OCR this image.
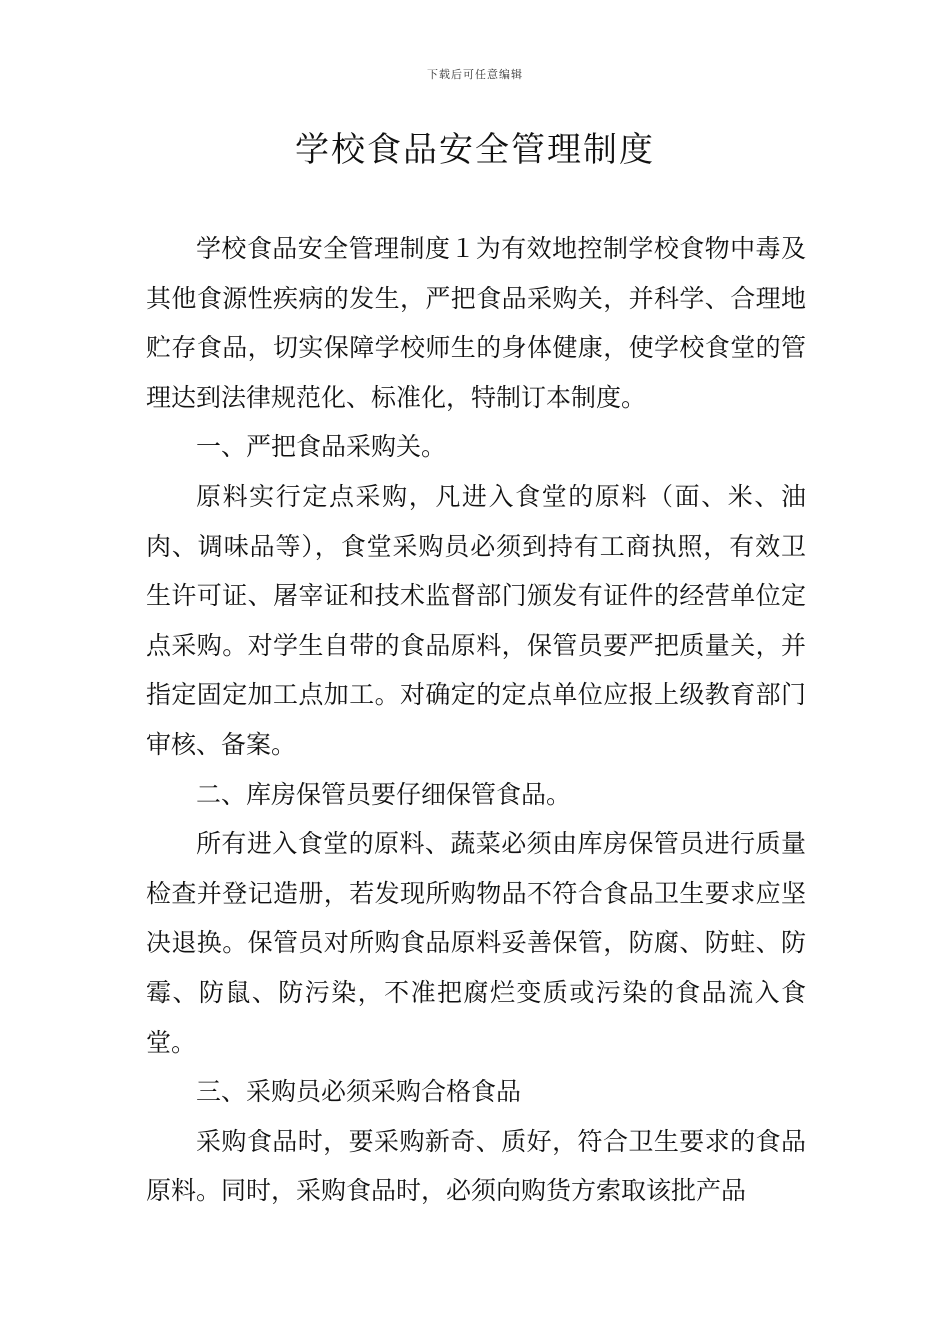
下载后可任意编辑
学校食品安全管理制度

学校食品安全管理制度１为有效地控制学校食物中毒及其他食源性疾病的发生，严把食品采购关，并科学、合理地贮存食品，切实保障学校师生的身体健康，使学校食堂的管理达到法律规范化、标准化，特制订本制度。

一、严把食品采购关。

原料实行定点采购，凡进入食堂的原料（面、米、油肉、调味品等），食堂采购员必须到持有工商执照，有效卫生许可证、屠宰证和技术监督部门颁发有证件的经营单位定点采购。对学生自带的食品原料，保管员要严把质量关，并指定固定加工点加工。对确定的定点单位应报上级教育部门审核、备案。

二、库房保管员要仔细保管食品。

所有进入食堂的原料、蔬菜必须由库房保管员进行质量检查并登记造册，若发现所购物品不符合食品卫生要求应坚决退换。保管员对所购食品原料妥善保管，防腐、防蛀、防霉、防鼠、防污染，不准把腐烂变质或污染的食品流入食堂。

三、采购员必须采购合格食品

采购食品时，要采购新奇、质好，符合卫生要求的食品原料。同时，采购食品时，必须向购货方索取该批产品
